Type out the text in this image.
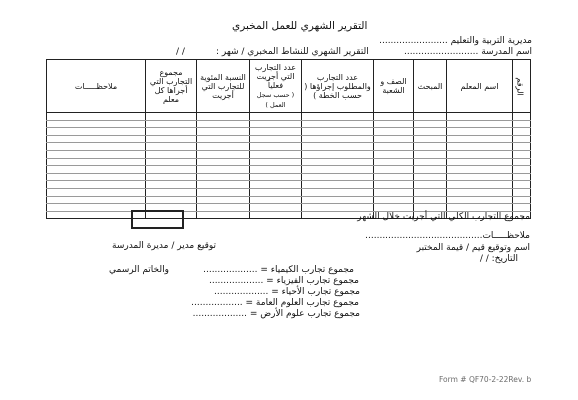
التقرير الشهري للعمل المخبري
مديرية التربية والتعليم ........................
اسم المدرسة ..........................
التقرير الشهري للنشاط المخبري / شهر :
/ /
الرقم	اسم المعلم	المبحث	الصف و الشعبة	عدد التجارب والمطلوب إجراؤها ( حسب الخطة )	عدد التجارب التي أجريت فعلياً
( حسب سجل العمل )	النسبة المئوية للتجارب التي أجريت	مجموع التجارب التي أجراها كل معلم	ملاحظـــــات

مجموع التجارب الكلي التي أجريت خلال الشهر
ملاحظـــــات.........................................
اسم وتوقيع قيم / قيمة المختبر
التاريخ: / /
توقيع مدير / مديرة المدرسة
والخاتم الرسمي	مجموع تجارب الكيمياء = ...................
مجموع تجارب الفيزياء = ...................
مجموع تجارب الأحياء = ...................
مجموع تجارب العلوم العامة = ..................
مجموع تجارب علوم الأرض = ...................
Form # QF70-2-22Rev. b
